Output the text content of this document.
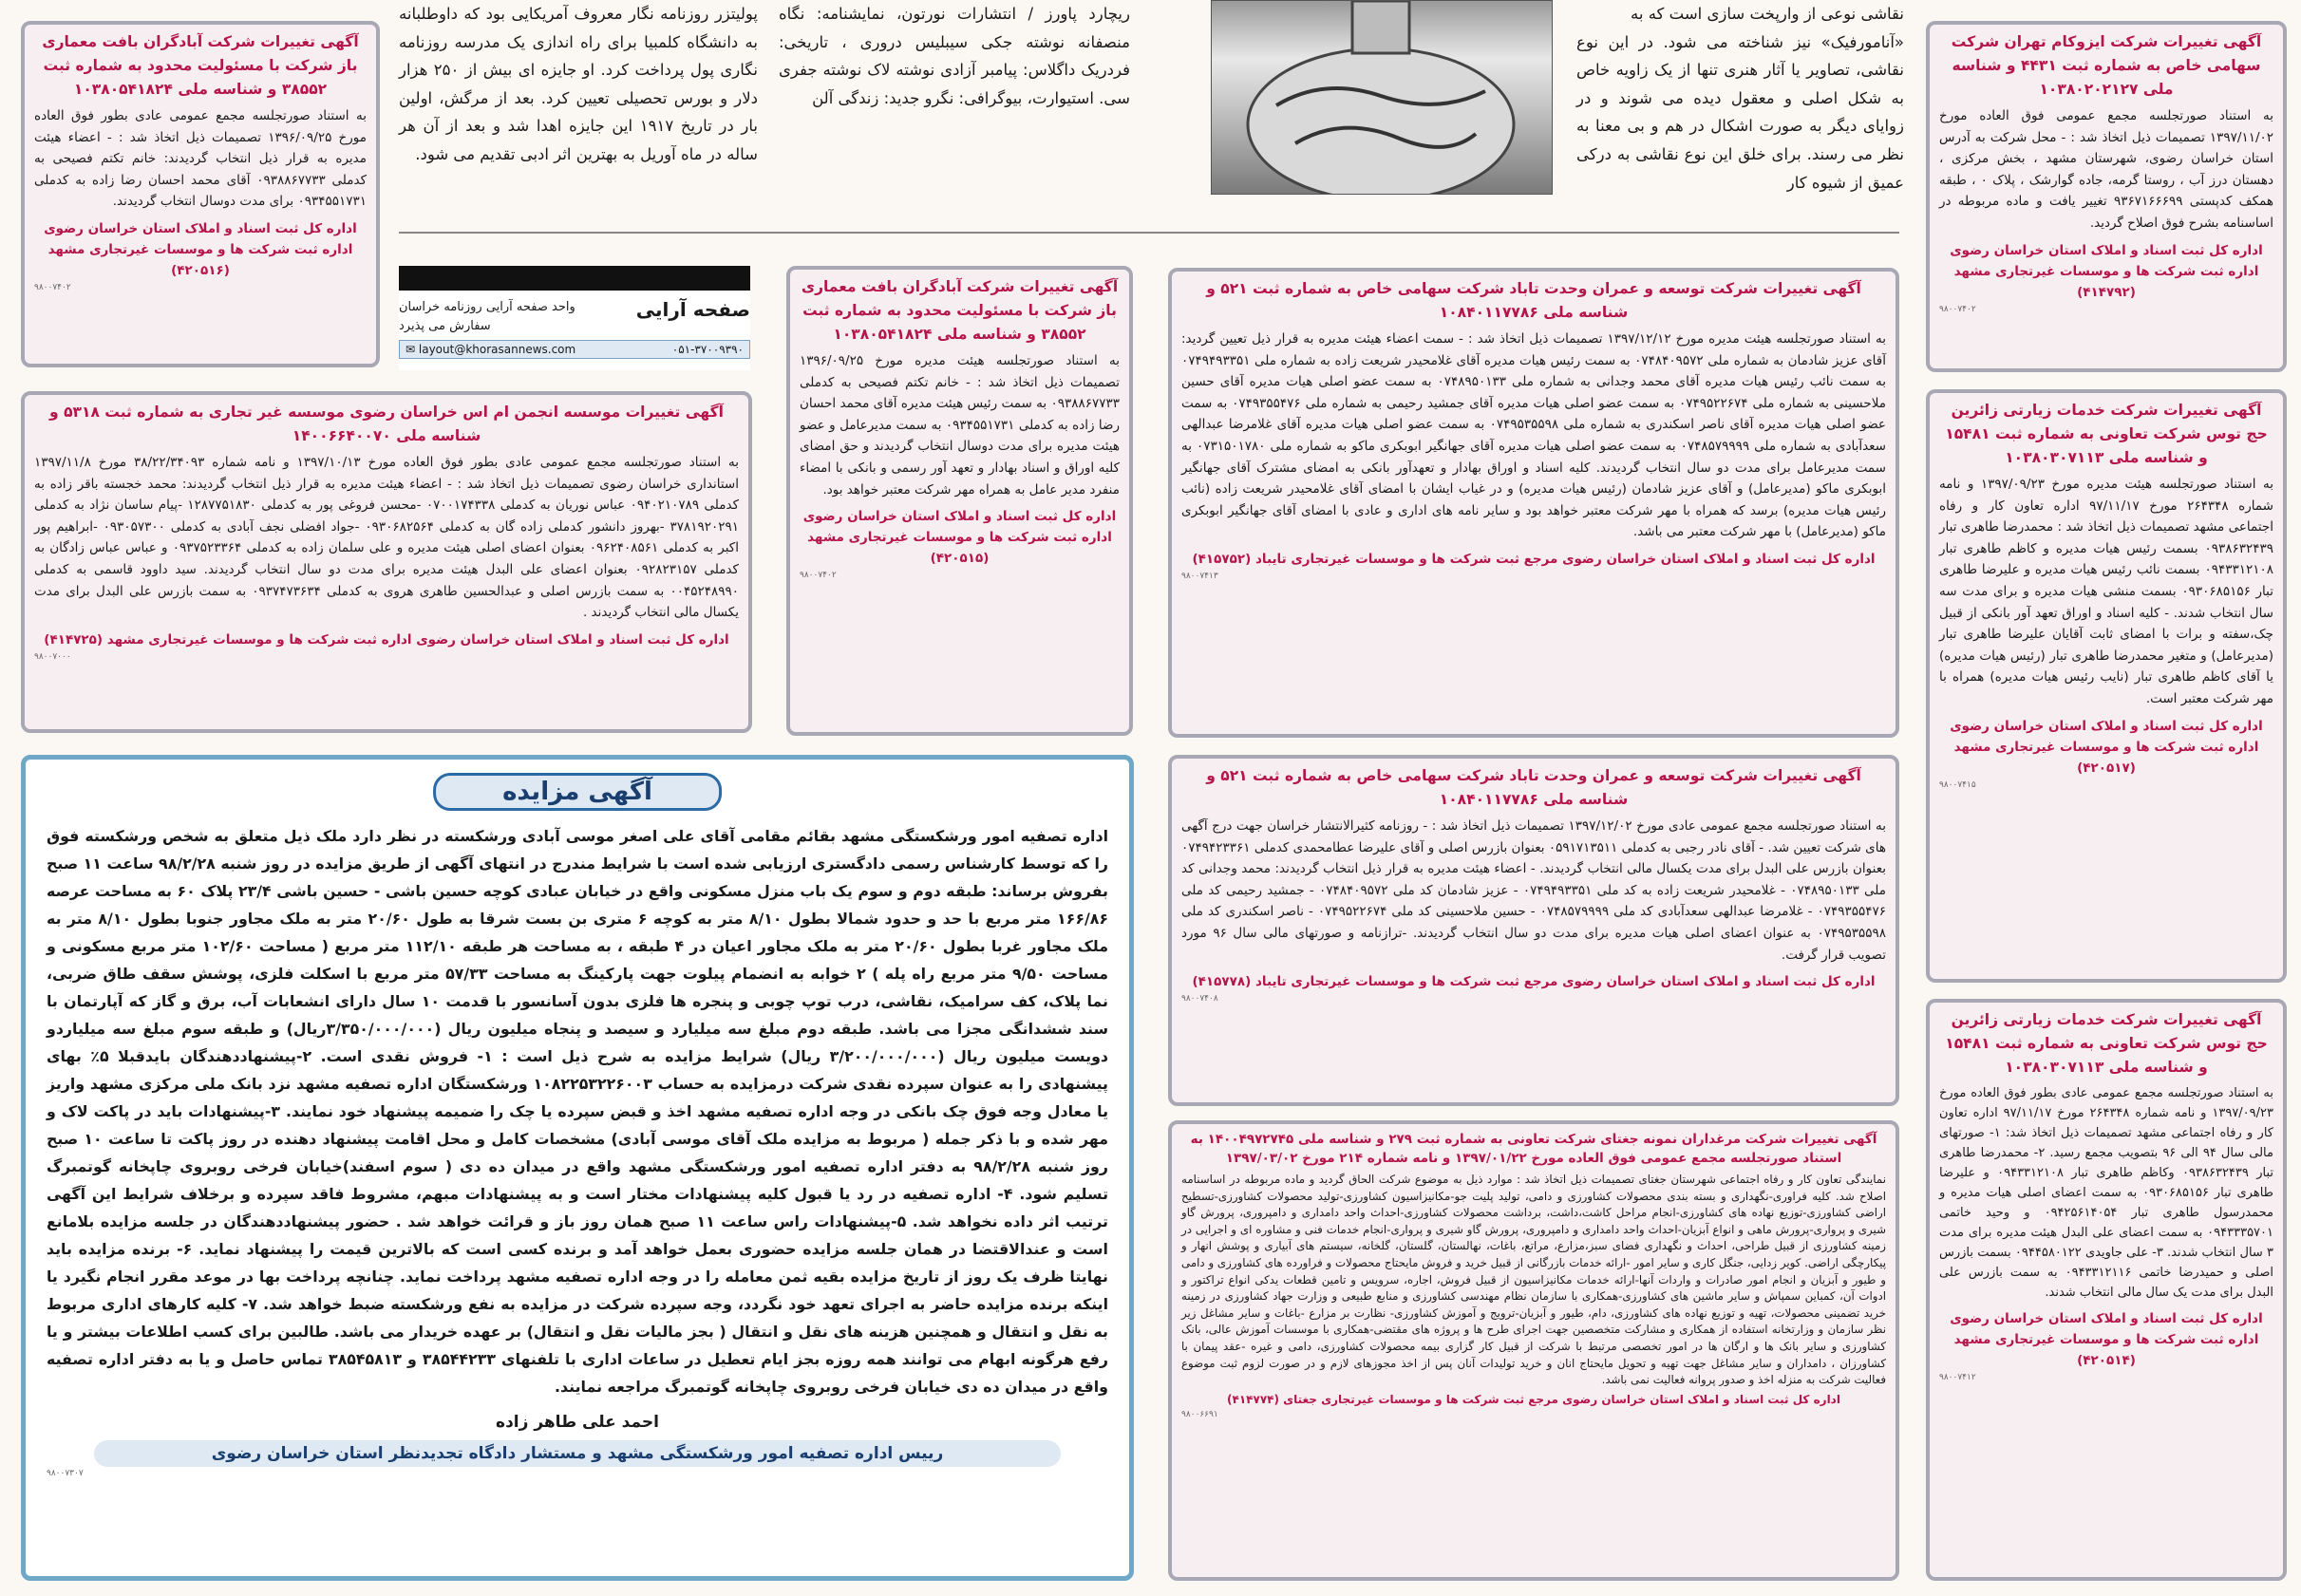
پولیتزر روزنامه نگار معروف آمریکایی بود که داوطلبانه به دانشگاه کلمبیا برای راه اندازی یک مدرسه روزنامه نگاری پول پرداخت کرد. او جایزه ای بیش از ۲۵۰ هزار دلار و بورس تحصیلی تعیین کرد. بعد از مرگش، اولین بار در تاریخ ۱۹۱۷ این جایزه اهدا شد و بعد از آن هر ساله در ماه آوریل به بهترین اثر ادبی تقدیم می شود.

ریچارد پاورز / انتشارات نورتون، نمایشنامه: نگاه منصفانه نوشته جکی سیبلیس دروری ، تاریخی: فردریک داگلاس: پیامبر آزادی نوشته لاک نوشته جفری سی. استیوارت، بیوگرافی: نگرو جدید: زندگی آلن

نقاشی نوعی از وارپخت سازی است که به

«آنامورفیک» نیز شناخته می شود. در این نوع نقاشی، تصاویر یا آثار هنری تنها از یک زاویه خاص به شکل اصلی و معقول دیده می شوند و در زوایای دیگر به صورت اشکال در هم و بی معنا به نظر می رسند. برای خلق این نوع نقاشی به درکی عمیق از شیوه کار

صفحه آرایی
واحد صفحه آرایی روزنامه خراسان
سفارش می پذیرد
✉ layout@khorasannews.com	۰۵۱-۳۷۰۰۹۳۹۰
آگهی تغییرات شرکت آبادگران بافت معماری باز شرکت با مسئولیت محدود به شماره ثبت ۳۸۵۵۲ و شناسه ملی ۱۰۳۸۰۵۴۱۸۲۴

به استناد صورتجلسه مجمع عمومی عادی بطور فوق العاده مورخ ۱۳۹۶/۰۹/۲۵ تصمیمات ذیل اتخاذ شد : - اعضاء هیئت مدیره به قرار ذیل انتخاب گردیدند: خانم تکتم فصیحی به کدملی ۰۹۳۸۸۶۷۷۳۳ آقای محمد احسان رضا زاده به کدملی ۰۹۳۴۵۵۱۷۳۱ برای مدت دوسال انتخاب گردیدند.

اداره کل ثبت اسناد و املاک استان خراسان رضوی اداره ثبت شرکت ها و موسسات غیرتجاری مشهد (۴۲۰۵۱۶)
۹۸۰۰۷۴۰۲
آگهی تغییرات شرکت ایزوکام تهران شرکت سهامی خاص به شماره ثبت ۴۴۳۱ و شناسه ملی ۱۰۳۸۰۲۰۲۱۲۷

به استناد صورتجلسه مجمع عمومی فوق العاده مورخ ۱۳۹۷/۱۱/۰۲ تصمیمات ذیل اتخاذ شد : - محل شرکت به آدرس استان خراسان رضوی، شهرستان مشهد ، بخش مرکزی ، دهستان درز آب ، روستا گرمه، جاده گوارشک ، پلاک ۰ ، طبقه همکف کدپستی ۹۳۶۷۱۶۶۶۹۹ تغییر یافت و ماده مربوطه در اساسنامه بشرح فوق اصلاح گردید.

اداره کل ثبت اسناد و املاک استان خراسان رضوی اداره ثبت شرکت ها و موسسات غیرتجاری مشهد (۴۱۴۷۹۲)
۹۸۰۰۷۴۰۲
آگهی تغییرات موسسه انجمن ام اس خراسان رضوی موسسه غیر تجاری به شماره ثبت ۵۳۱۸ و شناسه ملی ۱۴۰۰۶۶۴۰۰۷۰

به استناد صورتجلسه مجمع عمومی عادی بطور فوق العاده مورخ ۱۳۹۷/۱۰/۱۳ و نامه شماره ۳۸/۲۲/۳۴۰۹۳ مورخ ۱۳۹۷/۱۱/۸ استانداری خراسان رضوی تصمیمات ذیل اتخاذ شد : - اعضاء هیئت مدیره به قرار ذیل انتخاب گردیدند: محمد خجسته باقر زاده به کدملی ۰۹۴۰۲۱۰۷۸۹ عباس نوریان به کدملی ۰۷۰۰۱۷۴۳۳۸ -محسن فروغی پور به کدملی ۱۲۸۷۷۵۱۸۳۰ -پیام ساسان نژاد به کدملی ۳۷۸۱۹۲۰۲۹۱ -بهروز دانشور کدملی زاده گان به کدملی ۰۹۳۰۶۸۲۵۶۴ -جواد افضلی نجف آبادی به کدملی ۰۹۳۰۵۷۳۰۰ -ابراهیم پور اکبر به کدملی ۰۹۶۲۴۰۸۵۶۱ بعنوان اعضای اصلی هیئت مدیره و علی سلمان زاده به کدملی ۰۹۳۷۵۲۳۳۶۴ و عباس عباس زادگان به کدملی ۰۹۲۸۲۳۱۵۷ بعنوان اعضای علی البدل هیئت مدیره برای مدت دو سال انتخاب گردیدند. سید داوود قاسمی به کدملی ۰۰۴۵۲۴۸۹۹۰ به سمت بازرس اصلی و عبدالحسین طاهری هروی به کدملی ۰۹۳۷۴۷۳۶۳۴ به سمت بازرس علی البدل برای مدت یکسال مالی انتخاب گردیدند .

اداره کل ثبت اسناد و املاک استان خراسان رضوی اداره ثبت شرکت ها و موسسات غیرتجاری مشهد (۴۱۴۷۲۵)
۹۸۰۰۷۰۰۰
آگهی تغییرات شرکت آبادگران بافت معماری باز شرکت با مسئولیت محدود به شماره ثبت ۳۸۵۵۲ و شناسه ملی ۱۰۳۸۰۵۴۱۸۲۴

به استناد صورتجلسه هیئت مدیره مورخ ۱۳۹۶/۰۹/۲۵ تصمیمات ذیل اتخاذ شد : - خانم تکتم فصیحی به کدملی ۰۹۳۸۸۶۷۷۳۳ به سمت رئیس هیئت مدیره آقای محمد احسان رضا زاده به کدملی ۰۹۳۴۵۵۱۷۳۱ به سمت مدیرعامل و عضو هیئت مدیره برای مدت دوسال انتخاب گردیدند و حق امضای کلیه اوراق و اسناد بهادار و تعهد آور رسمی و بانکی با امضاء منفرد مدیر عامل به همراه مهر شرکت معتبر خواهد بود.

اداره کل ثبت اسناد و املاک استان خراسان رضوی اداره ثبت شرکت ها و موسسات غیرتجاری مشهد (۴۲۰۵۱۵)
۹۸۰۰۷۴۰۲
آگهی تغییرات شرکت توسعه و عمران وحدت تاباد شرکت سهامی خاص به شماره ثبت ۵۲۱ و شناسه ملی ۱۰۸۴۰۱۱۷۷۸۶

به استناد صورتجلسه هیئت مدیره مورخ ۱۳۹۷/۱۲/۱۲ تصمیمات ذیل اتخاذ شد : - سمت اعضاء هیئت مدیره به قرار ذیل تعیین گردید: آقای عزیز شادمان به شماره ملی ۰۷۴۸۴۰۹۵۷۲ به سمت رئیس هیات مدیره آقای غلامحیدر شریعت زاده به شماره ملی ۰۷۴۹۴۹۳۳۵۱ به سمت نائب رئیس هیات مدیره آقای محمد وجدانی به شماره ملی ۰۷۴۸۹۵۰۱۳۳ به سمت عضو اصلی هیات مدیره آقای حسین ملاحسینی به شماره ملی ۰۷۴۹۵۲۲۶۷۴ به سمت عضو اصلی هیات مدیره آقای جمشید رحیمی به شماره ملی ۰۷۴۹۳۵۵۴۷۶ به سمت عضو اصلی هیات مدیره آقای ناصر اسکندری به شماره ملی ۰۷۴۹۵۳۵۵۹۸ به سمت عضو اصلی هیات مدیره آقای غلامرضا عبدالهی سعدآبادی به شماره ملی ۰۷۴۸۵۷۹۹۹۹ به سمت عضو اصلی هیات مدیره آقای جهانگیر ابوبکری ماکو به شماره ملی ۰۷۳۱۵۰۱۷۸۰ به سمت مدیرعامل برای مدت دو سال انتخاب گردیدند. کلیه اسناد و اوراق بهادار و تعهدآور بانکی به امضای مشترک آقای جهانگیر ابوبکری ماکو (مدیرعامل) و آقای عزیز شادمان (رئیس هیات مدیره) و در غیاب ایشان با امضای آقای غلامحیدر شریعت زاده (نائب رئیس هیات مدیره) برسد که همراه با مهر شرکت معتبر خواهد بود و سایر نامه های اداری و عادی با امضای آقای جهانگیر ابوبکری ماکو (مدیرعامل) با مهر شرکت معتبر می باشد.

اداره کل ثبت اسناد و املاک استان خراسان رضوی مرجع ثبت شرکت ها و موسسات غیرتجاری تایباد (۴۱۵۷۵۲)
۹۸۰۰۷۴۱۳
آگهی تغییرات شرکت خدمات زیارتی زائرین حج توس شرکت تعاونی به شماره ثبت ۱۵۴۸۱ و شناسه ملی ۱۰۳۸۰۳۰۷۱۱۳

به استناد صورتجلسه هیئت مدیره مورخ ۱۳۹۷/۰۹/۲۳ و نامه شماره ۲۶۴۳۴۸ مورخ ۹۷/۱۱/۱۷ اداره تعاون کار و رفاه اجتماعی مشهد تصمیمات ذیل اتخاذ شد : محمدرضا طاهری تبار ۰۹۳۸۶۳۲۴۳۹ بسمت رئیس هیات مدیره و کاظم طاهری تبار ۰۹۴۳۳۱۲۱۰۸ بسمت نائب رئیس هیات مدیره و علیرضا طاهری تبار ۰۹۳۰۶۸۵۱۵۶ بسمت منشی هیات مدیره و برای مدت سه سال انتخاب شدند. - کلیه اسناد و اوراق تعهد آور بانکی از قبیل چک،سفته و برات با امضای ثابت آقایان علیرضا طاهری تبار (مدیرعامل) و متغیر محمدرضا طاهری تبار (رئیس هیات مدیره) یا آقای کاظم طاهری تبار (نایب رئیس هیات مدیره) همراه با مهر شرکت معتبر است.

اداره کل ثبت اسناد و املاک استان خراسان رضوی اداره ثبت شرکت ها و موسسات غیرتجاری مشهد (۴۲۰۵۱۷)
۹۸۰۰۷۴۱۵
آگهی مزایده

اداره تصفیه امور ورشکستگی مشهد بقائم مقامی آقای علی اصغر موسی آبادی ورشکسته در نظر دارد ملک ذیل متعلق به شخص ورشکسته فوق را که توسط کارشناس رسمی دادگستری ارزیابی شده است با شرایط مندرج در انتهای آگهی از طریق مزایده در روز شنبه ۹۸/۲/۲۸ ساعت ۱۱ صبح بفروش برساند: طبقه دوم و سوم یک باب منزل مسکونی واقع در خیابان عبادی کوچه حسین باشی - حسین باشی ۲۳/۴ پلاک ۶۰ به مساحت عرصه ۱۶۶/۸۶ متر مربع با حد و حدود شمالا بطول ۸/۱۰ متر به کوچه ۶ متری بن بست شرقا به طول ۲۰/۶۰ متر به ملک مجاور جنوبا بطول ۸/۱۰ متر به ملک مجاور غربا بطول ۲۰/۶۰ متر به ملک مجاور اعیان در ۴ طبقه ، به مساحت هر طبقه ۱۱۲/۱۰ متر مربع ( مساحت ۱۰۲/۶۰ متر مربع مسکونی و مساحت ۹/۵۰ متر مربع راه پله ) ۲ خوابه به انضمام پیلوت جهت پارکینگ به مساحت ۵۷/۳۳ متر مربع با اسکلت فلزی، پوشش سقف طاق ضربی، نما پلاک، کف سرامیک، نقاشی، درب توپ چوبی و پنجره ها فلزی بدون آسانسور با قدمت ۱۰ سال دارای انشعابات آب، برق و گاز که آپارتمان با سند ششدانگی مجزا می باشد. طبقه دوم مبلغ سه میلیارد و سیصد و پنجاه میلیون ریال (۳/۳۵۰/۰۰۰/۰۰۰ریال) و طبقه سوم مبلغ سه میلیاردو دویست میلیون ریال (۳/۲۰۰/۰۰۰/۰۰۰ ریال) شرایط مزایده به شرح ذیل است : ۱- فروش نقدی است. ۲-پیشنهاددهندگان بایدقبلا ۵٪ بهای پیشنهادی را به عنوان سپرده نقدی شرکت درمزایده به حساب ۱۰۸۲۲۵۳۲۲۶۰۰۳ ورشکستگان اداره تصفیه مشهد نزد بانک ملی مرکزی مشهد واریز یا معادل وجه فوق چک بانکی در وجه اداره تصفیه مشهد اخذ و قبض سپرده یا چک را ضمیمه پیشنهاد خود نمایند. ۳-پیشنهادات باید در پاکت لاک و مهر شده و با ذکر جمله ( مربوط به مزایده ملک آقای موسی آبادی) مشخصات کامل و محل اقامت پیشنهاد دهنده در روز پاکت تا ساعت ۱۰ صبح روز شنبه ۹۸/۲/۲۸ به دفتر اداره تصفیه امور ورشکستگی مشهد واقع در میدان ده دی ( سوم اسفند)خیابان فرخی روبروی چاپخانه گوتمبرگ تسلیم شود. ۴- اداره تصفیه در رد یا قبول کلیه پیشنهادات مختار است و به پیشنهادات مبهم، مشروط فاقد سپرده و برخلاف شرایط این آگهی ترتیب اثر داده نخواهد شد. ۵-پیشنهادات راس ساعت ۱۱ صبح همان روز باز و قرائت خواهد شد . حضور پیشنهاددهندگان در جلسه مزایده بلامانع است و عندالاقتضا در همان جلسه مزایده حضوری بعمل خواهد آمد و برنده کسی است که بالاترین قیمت را پیشنهاد نماید. ۶- برنده مزایده باید نهایتا ظرف یک روز از تاریخ مزایده بقیه ثمن معامله را در وجه اداره تصفیه مشهد پرداخت نماید. چنانچه پرداخت بها در موعد مقرر انجام نگیرد یا اینکه برنده مزایده حاضر به اجرای تعهد خود نگردد، وجه سپرده شرکت در مزایده به نفع ورشکسته ضبط خواهد شد. ۷- کلیه کارهای اداری مربوط به نقل و انتقال و همچنین هزینه های نقل و انتقال ( بجز مالیات نقل و انتقال) بر عهده خریدار می باشد. طالبین برای کسب اطلاعات بیشتر و یا رفع هرگونه ابهام می توانند همه روزه بجز ایام تعطیل در ساعات اداری با تلفنهای ۳۸۵۴۴۲۳۳ و ۳۸۵۴۵۸۱۳ تماس حاصل و یا به دفتر اداره تصفیه واقع در میدان ده دی خیابان فرخی روبروی چاپخانه گوتمبرگ مراجعه نمایند.

احمد علی طاهر زاده
رییس اداره تصفیه امور ورشکستگی مشهد و مستشار دادگاه تجدیدنظر استان خراسان رضوی
۹۸۰۰۷۳۰۷
آگهی تغییرات شرکت توسعه و عمران وحدت تاباد شرکت سهامی خاص به شماره ثبت ۵۲۱ و شناسه ملی ۱۰۸۴۰۱۱۷۷۸۶

به استناد صورتجلسه مجمع عمومی عادی مورخ ۱۳۹۷/۱۲/۰۲ تصمیمات ذیل اتخاذ شد : - روزنامه کثیرالانتشار خراسان جهت درج آگهی های شرکت تعیین شد. - آقای نادر رجبی به کدملی ۰۵۹۱۷۱۳۵۱۱ بعنوان بازرس اصلی و آقای علیرضا عطامحمدی کدملی ۰۷۴۹۴۲۳۳۶۱ بعنوان بازرس علی البدل برای مدت یکسال مالی انتخاب گردیدند. - اعضاء هیئت مدیره به قرار ذیل انتخاب گردیدند: محمد وجدانی کد ملی ۰۷۴۸۹۵۰۱۳۳ - غلامحیدر شریعت زاده به کد ملی ۰۷۴۹۴۹۳۳۵۱ - عزیز شادمان کد ملی ۰۷۴۸۴۰۹۵۷۲ - جمشید رحیمی کد ملی ۰۷۴۹۳۵۵۴۷۶ - غلامرضا عبدالهی سعدآبادی کد ملی ۰۷۴۸۵۷۹۹۹۹ - حسین ملاحسینی کد ملی ۰۷۴۹۵۲۲۶۷۴ - ناصر اسکندری کد ملی ۰۷۴۹۵۳۵۵۹۸ به عنوان اعضای اصلی هیات مدیره برای مدت دو سال انتخاب گردیدند. -ترازنامه و صورتهای مالی سال ۹۶ مورد تصویب قرار گرفت.

اداره کل ثبت اسناد و املاک استان خراسان رضوی مرجع ثبت شرکت ها و موسسات غیرتجاری تایباد (۴۱۵۷۷۸)
۹۸۰۰۷۴۰۸
آگهی تغییرات شرکت مرغداران نمونه جغتای شرکت تعاونی به شماره ثبت ۲۷۹ و شناسه ملی ۱۴۰۰۴۹۷۲۷۴۵ به استناد صورتجلسه مجمع عمومی فوق العاده مورخ ۱۳۹۷/۰۱/۲۲ و نامه شماره ۲۱۴ مورخ ۱۳۹۷/۰۳/۰۲

نمایندگی تعاون کار و رفاه اجتماعی شهرستان جغتای تصمیمات ذیل اتخاذ شد : موارد ذیل به موضوع شرکت الحاق گردید و ماده مربوطه در اساسنامه اصلاح شد. کلیه فراوری-نگهداری و بسته بندی محصولات کشاورزی و دامی، تولید پلیت جو-مکانیزاسیون کشاورزی-تولید محصولات کشاورزی-تسطیح اراضی کشاورزی-توزیع نهاده های کشاورزی-انجام مراحل کاشت،داشت، برداشت محصولات کشاورزی-احداث واحد دامداری و دامپروری، پرورش گاو شیری و پرواری-پرورش ماهی و انواع آبزیان-احداث واحد دامداری و دامپروری، پرورش گاو شیری و پرواری-انجام خدمات فنی و مشاوره ای و اجرایی در زمینه کشاورزی از قبیل طراحی، احداث و نگهداری فضای سبز،مزارع، مراتع، باغات، نهالستان، گلستان، گلخانه، سیستم های آبیاری و پوشش انهار و پیکارچگی اراضی. کویر زدایی، جنگل کاری و سایر امور -ارائه خدمات بازرگانی از قبیل خرید و فروش مایحتاج محصولات و فراورده های کشاورزی و دامی و طیور و آبزیان و انجام امور صادرات و واردات آنها-ارائه خدمات مکانیزاسیون از قبیل فروش، اجاره، سرویس و تامین قطعات یدکی انواع تراکتور و ادوات آن، کمباین سمپاش و سایر ماشین های کشاورزی-همکاری با سازمان نظام مهندسی کشاورزی و منابع طبیعی و وزارت جهاد کشاورزی در زمینه خرید تضمینی محصولات، تهیه و توزیع نهاده های کشاورزی، دام، طیور و آبزیان-ترویج و آموزش کشاورزی- نظارت بر مزارع -باغات و سایر مشاغل زیر نظر سازمان و وزارتخانه استفاده از همکاری و مشارکت متخصصین جهت اجرای طرح ها و پروژه های مقتضی-همکاری با موسسات آموزش عالی، بانک کشاورزی و سایر بانک ها و ارگان ها در امور تخصصی مرتبط با شرکت از قبیل کار گزاری بیمه محصولات کشاورزی، دامی و غیره -عقد پیمان با کشاورزان ، دامداران و سایر مشاغل جهت تهیه و تحویل مایحتاج انان و خرید تولیدات آنان پس از اخذ مجوزهای لازم و در صورت لزوم ثبت موضوع فعالیت شرکت به منزله اخذ و صدور پروانه فعالیت نمی باشد.

اداره کل ثبت اسناد و املاک استان خراسان رضوی مرجع ثبت شرکت ها و موسسات غیرتجاری جغتای (۴۱۴۷۷۴)
۹۸۰۰۶۶۹۱
آگهی تغییرات شرکت خدمات زیارتی زائرین حج توس شرکت تعاونی به شماره ثبت ۱۵۴۸۱ و شناسه ملی ۱۰۳۸۰۳۰۷۱۱۳

به استناد صورتجلسه مجمع عمومی عادی بطور فوق العاده مورخ ۱۳۹۷/۰۹/۲۳ و نامه شماره ۲۶۴۳۴۸ مورخ ۹۷/۱۱/۱۷ اداره تعاون کار و رفاه اجتماعی مشهد تصمیمات ذیل اتخاذ شد: ۱- صورتهای مالی سال ۹۴ الی ۹۶ بتصویب مجمع رسید. ۲- محمدرضا طاهری تبار ۰۹۳۸۶۳۲۴۳۹ وکاظم طاهری تبار ۰۹۴۳۳۱۲۱۰۸ و علیرضا طاهری تبار ۰۹۳۰۶۸۵۱۵۶ به سمت اعضای اصلی هیات مدیره و محمدرسول طاهری تبار ۰۹۴۲۵۶۱۴۰۵۴ و وحید خاتمی ۰۹۴۳۳۳۵۷۰۱ به سمت اعضای علی البدل هیئت مدیره برای مدت ۳ سال انتخاب شدند. ۳- علی جاویدی ۰۹۴۴۵۸۰۱۲۲ بسمت بازرس اصلی و حمیدرضا خاتمی ۰۹۴۳۳۱۲۱۱۶ به سمت بازرس علی البدل برای مدت یک سال مالی انتخاب شدند.

اداره کل ثبت اسناد و املاک استان خراسان رضوی اداره ثبت شرکت ها و موسسات غیرتجاری مشهد (۴۲۰۵۱۴)
۹۸۰۰۷۴۱۲
